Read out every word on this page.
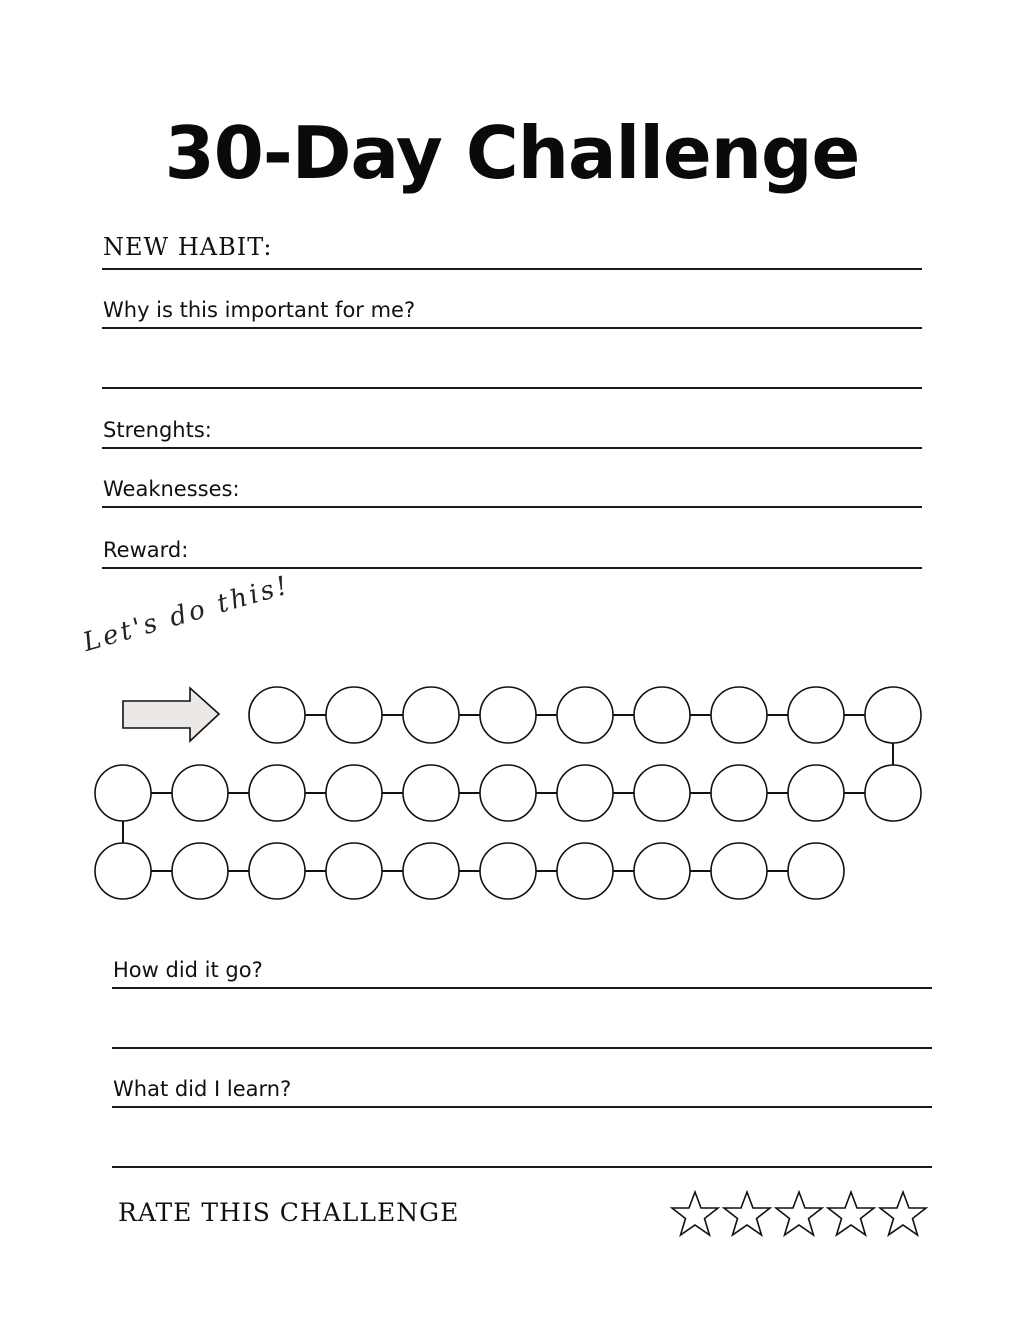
30-Day Challenge
NEW HABIT:
Why is this important for me?
Strenghts:
Weaknesses:
Reward:
Let's do this!
How did it go?
What did I learn?
RATE THIS CHALLENGE
